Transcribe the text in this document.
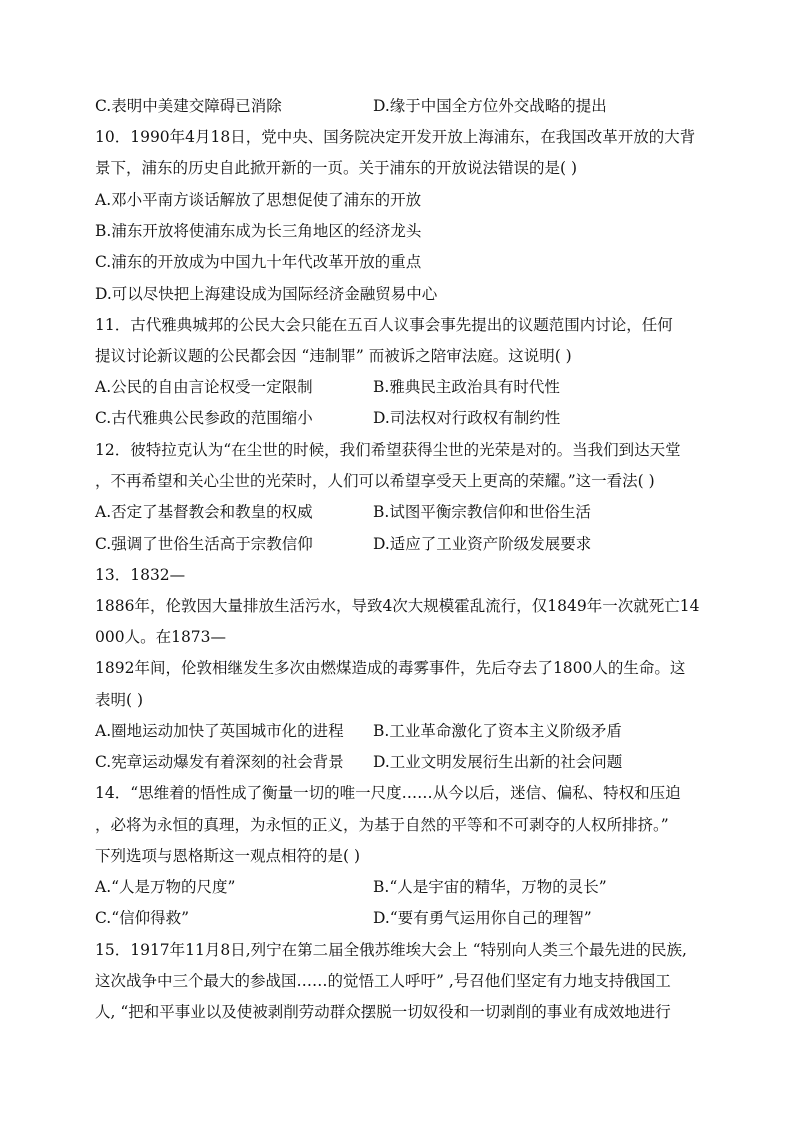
C.表明中美建交障碍已消除	D.缘于中国全方位外交战略的提出
10．1990年4月18日，党中央、国务院决定开发开放上海浦东，在我国改革开放的大背
景下，浦东的历史自此掀开新的一页。关于浦东的开放说法错误的是( )
A.邓小平南方谈话解放了思想促使了浦东的开放
B.浦东开放将使浦东成为长三角地区的经济龙头
C.浦东的开放成为中国九十年代改革开放的重点
D.可以尽快把上海建设成为国际经济金融贸易中心
11．古代雅典城邦的公民大会只能在五百人议事会事先提出的议题范围内讨论，任何
提议讨论新议题的公民都会因 “违制罪” 而被诉之陪审法庭。这说明( )
A.公民的自由言论权受一定限制	B.雅典民主政治具有时代性
C.古代雅典公民参政的范围缩小	D.司法权对行政权有制约性
12．彼特拉克认为“在尘世的时候，我们希望获得尘世的光荣是对的。当我们到达天堂
，不再希望和关心尘世的光荣时，人们可以希望享受天上更高的荣耀。”这一看法( )
A.否定了基督教会和教皇的权威	B.试图平衡宗教信仰和世俗生活
C.强调了世俗生活高于宗教信仰	D.适应了工业资产阶级发展要求
13．1832—
1886年，伦敦因大量排放生活污水，导致4次大规模霍乱流行，仅1849年一次就死亡14
000人。在1873—
1892年间，伦敦相继发生多次由燃煤造成的毒雾事件，先后夺去了1800人的生命。这
表明( )
A.圈地运动加快了英国城市化的进程 B.工业革命激化了资本主义阶级矛盾
C.宪章运动爆发有着深刻的社会背景 D.工业文明发展衍生出新的社会问题
14．“思维着的悟性成了衡量一切的唯一尺度……从今以后，迷信、偏私、特权和压迫
，必将为永恒的真理，为永恒的正义，为基于自然的平等和不可剥夺的人权所排挤。”
下列选项与恩格斯这一观点相符的是( )
A.“人是万物的尺度”	B.“人是宇宙的精华，万物的灵长”
C.“信仰得救”	D.“要有勇气运用你自己的理智”
15．1917年11月8日,列宁在第二届全俄苏维埃大会上 “特别向人类三个最先进的民族,
这次战争中三个最大的参战国……的觉悟工人呼吁” ,号召他们坚定有力地支持俄国工
人, “把和平事业以及使被剥削劳动群众摆脱一切奴役和一切剥削的事业有成效地进行
